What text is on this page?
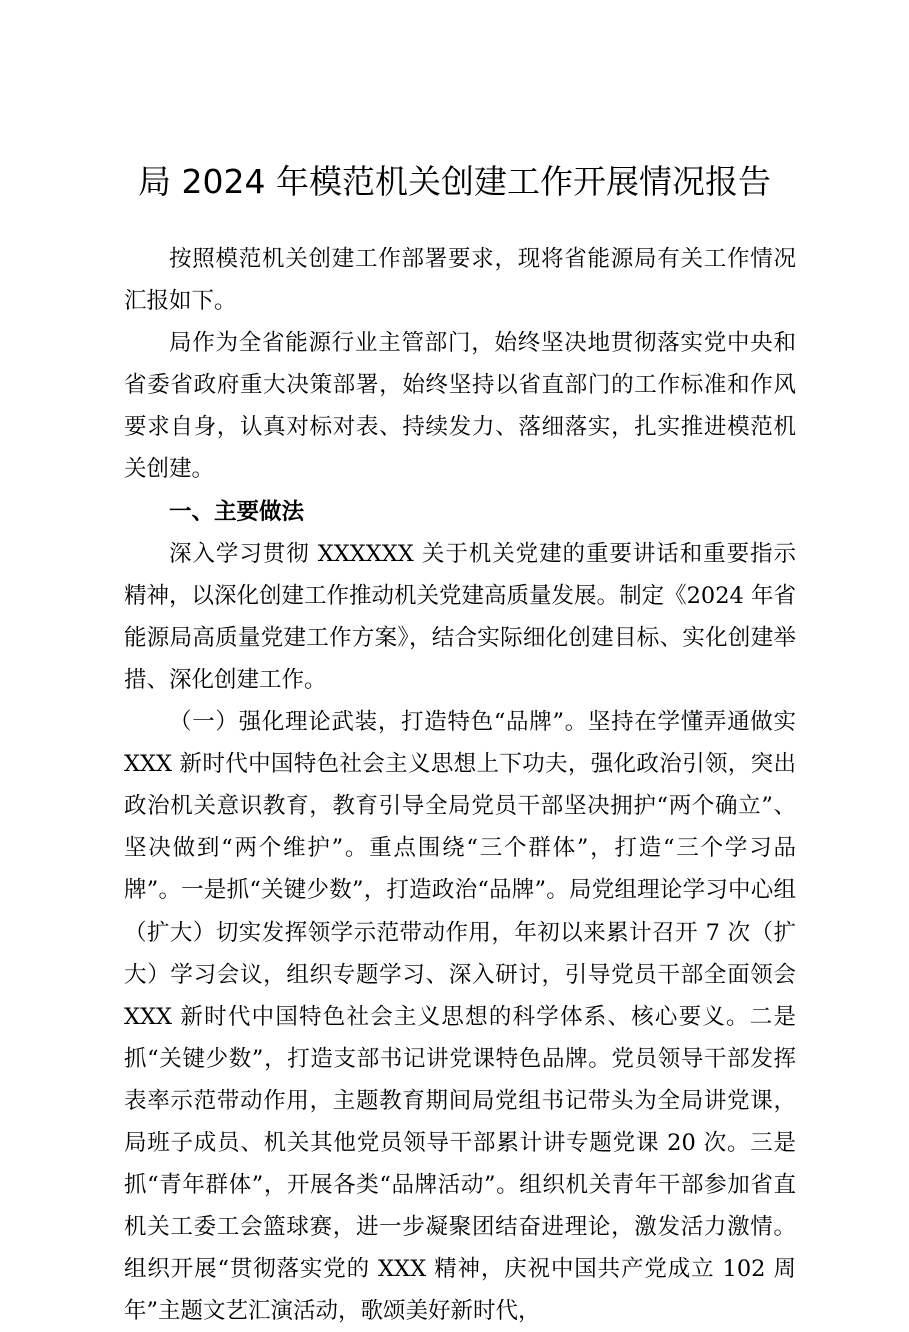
局 2024 年模范机关创建工作开展情况报告

按照模范机关创建工作部署要求，现将省能源局有关工作情况汇报如下。

局作为全省能源行业主管部门，始终坚决地贯彻落实党中央和省委省政府重大决策部署，始终坚持以省直部门的工作标准和作风要求自身，认真对标对表、持续发力、落细落实，扎实推进模范机关创建。

一、主要做法

深入学习贯彻 XXXXXX 关于机关党建的重要讲话和重要指示精神，以深化创建工作推动机关党建高质量发展。制定《2024 年省能源局高质量党建工作方案》，结合实际细化创建目标、实化创建举措、深化创建工作。

（一）强化理论武装，打造特色“品牌”。坚持在学懂弄通做实 XXX 新时代中国特色社会主义思想上下功夫，强化政治引领，突出政治机关意识教育，教育引导全局党员干部坚决拥护“两个确立”、坚决做到“两个维护”。重点围绕“三个群体”，打造“三个学习品牌”。一是抓“关键少数”，打造政治“品牌”。局党组理论学习中心组（扩大）切实发挥领学示范带动作用，年初以来累计召开 7 次（扩大）学习会议，组织专题学习、深入研讨，引导党员干部全面领会 XXX 新时代中国特色社会主义思想的科学体系、核心要义。二是抓“关键少数”，打造支部书记讲党课特色品牌。党员领导干部发挥表率示范带动作用，主题教育期间局党组书记带头为全局讲党课，局班子成员、机关其他党员领导干部累计讲专题党课 20 次。三是抓“青年群体”，开展各类“品牌活动”。组织机关青年干部参加省直机关工委工会篮球赛，进一步凝聚团结奋进理论，激发活力激情。组织开展“贯彻落实党的 XXX 精神，庆祝中国共产党成立 102 周年”主题文艺汇演活动，歌颂美好新时代，
